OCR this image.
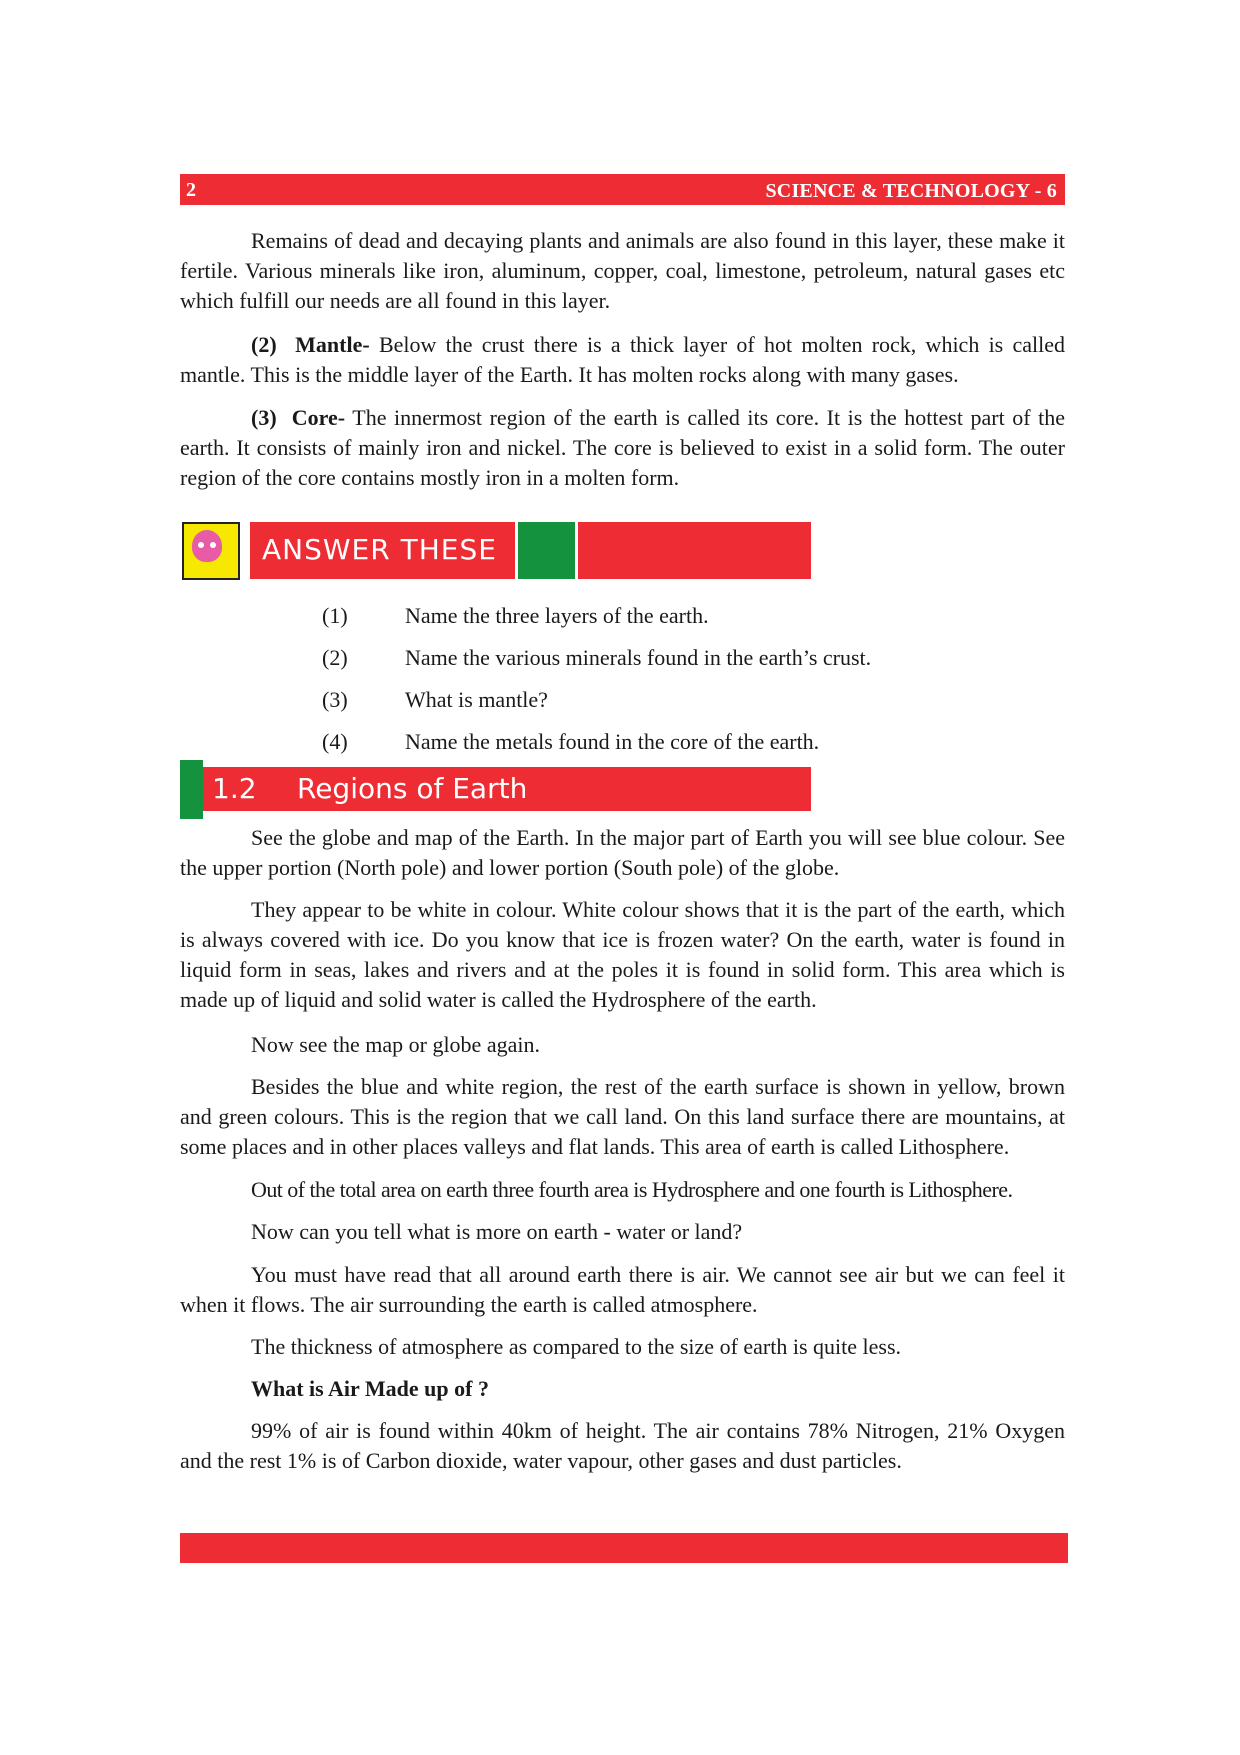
2	SCIENCE & TECHNOLOGY - 6

Remains of dead and decaying plants and animals are also found in this layer, these make it fertile. Various minerals like iron, aluminum, copper, coal, limestone, petroleum, natural gases etc which fulfill our needs are all found in this layer.

(2) Mantle- Below the crust there is a thick layer of hot molten rock, which is called mantle. This is the middle layer of the Earth. It has molten rocks along with many gases.

(3) Core- The innermost region of the earth is called its core. It is the hottest part of the earth. It consists of mainly iron and nickel. The core is believed to exist in a solid form. The outer region of the core contains mostly iron in a molten form.

ANSWER THESE
(1)	Name the three layers of the earth.
(2)	Name the various minerals found in the earth’s crust.
(3)	What is mantle?
(4)	Name the metals found in the core of the earth.
1.2 Regions of Earth

See the globe and map of the Earth. In the major part of Earth you will see blue colour. See the upper portion (North pole) and lower portion (South pole) of the globe.

They appear to be white in colour. White colour shows that it is the part of the earth, which is always covered with ice. Do you know that ice is frozen water? On the earth, water is found in liquid form in seas, lakes and rivers and at the poles it is found in solid form. This area which is made up of liquid and solid water is called the Hydrosphere of the earth.

Now see the map or globe again.

Besides the blue and white region, the rest of the earth surface is shown in yellow, brown and green colours. This is the region that we call land. On this land surface there are mountains, at some places and in other places valleys and flat lands. This area of earth is called Lithosphere.

Out of the total area on earth three fourth area is Hydrosphere and one fourth is Lithosphere.

Now can you tell what is more on earth - water or land?

You must have read that all around earth there is air. We cannot see air but we can feel it when it flows. The air surrounding the earth is called atmosphere.

The thickness of atmosphere as compared to the size of earth is quite less.

What is Air Made up of ?

99% of air is found within 40km of height. The air contains 78% Nitrogen, 21% Oxygen and the rest 1% is of Carbon dioxide, water vapour, other gases and dust particles.
